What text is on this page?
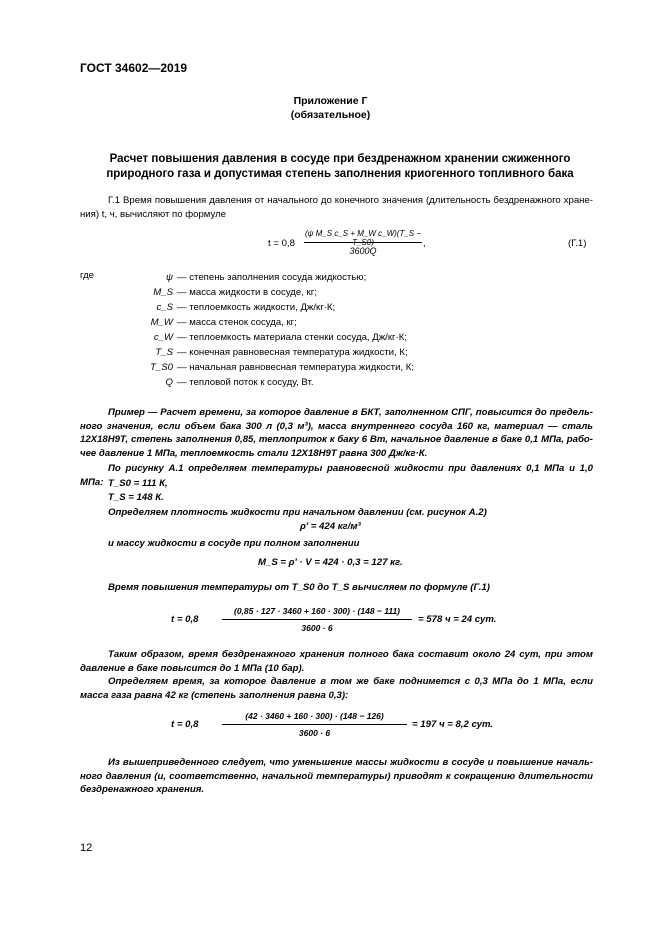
ГОСТ 34602—2019
Приложение Г
(обязательное)
Расчет повышения давления в сосуде при бездренажном хранении сжиженного
природного газа и допустимая степень заполнения криогенного топливного бака
Г.1 Время повышения давления от начального до конечного значения (длительность бездренажного хранения) t, ч, вычисляют по формуле
t = 0,8
(ψ M_S c_S + M_W c_W)(T_S − T_S0)
3600Q
,	(Г.1)
где	ψ — степень заполнения сосуда жидкостью;
M_S — масса жидкости в сосуде, кг;
c_S — теплоемкость жидкости, Дж/кг·К;
M_W — масса стенок сосуда, кг;
c_W — теплоемкость материала стенки сосуда, Дж/кг·К;
T_S — конечная равновесная температура жидкости, К;
T_S0 — начальная равновесная температура жидкости, К;
Q — тепловой поток к сосуду, Вт.
Пример — Расчет времени, за которое давление в БКТ, заполненном СПГ, повысится до предельного значения, если объем бака 300 л (0,3 м³), масса внутреннего сосуда 160 кг, материал — сталь 12Х18Н9Т, степень заполнения 0,85, теплоприток к баку 6 Вт, начальное давление в баке 0,1 МПа, рабочее давление 1 МПа, теплоемкость стали 12Х18Н9Т равна 300 Дж/кг·К.
По рисунку А.1 определяем температуры равновесной жидкости при давлениях 0,1 МПа и 1,0 МПа: T_S0 = 111 К,
T_S = 148 К.
Определяем плотность жидкости при начальном давлении (см. рисунок А.2)
ρ' = 424 кг/м³
и массу жидкости в сосуде при полном заполнении
M_S = ρ' · V = 424 · 0,3 = 127 кг.
Время повышения температуры от T_S0 до T_S вычисляем по формуле (Г.1)
t = 0,8
(0,85 · 127 · 3460 + 160 · 300) · (148 − 111)
3600 · 6
= 578 ч = 24 сут.
Таким образом, время бездренажного хранения полного бака составит около 24 сут, при этом давление в баке повысится до 1 МПа (10 бар).
Определяем время, за которое давление в том же баке поднимется с 0,3 МПа до 1 МПа, если масса газа равна 42 кг (степень заполнения равна 0,3):
t = 0,8
(42 · 3460 + 160 · 300) · (148 − 126)
3600 · 6
= 197 ч = 8,2 сут.
Из вышеприведенного следует, что уменьшение массы жидкости в сосуде и повышение начального давления (и, соответственно, начальной температуры) приводят к сокращению длительности бездренажного хранения.
12
